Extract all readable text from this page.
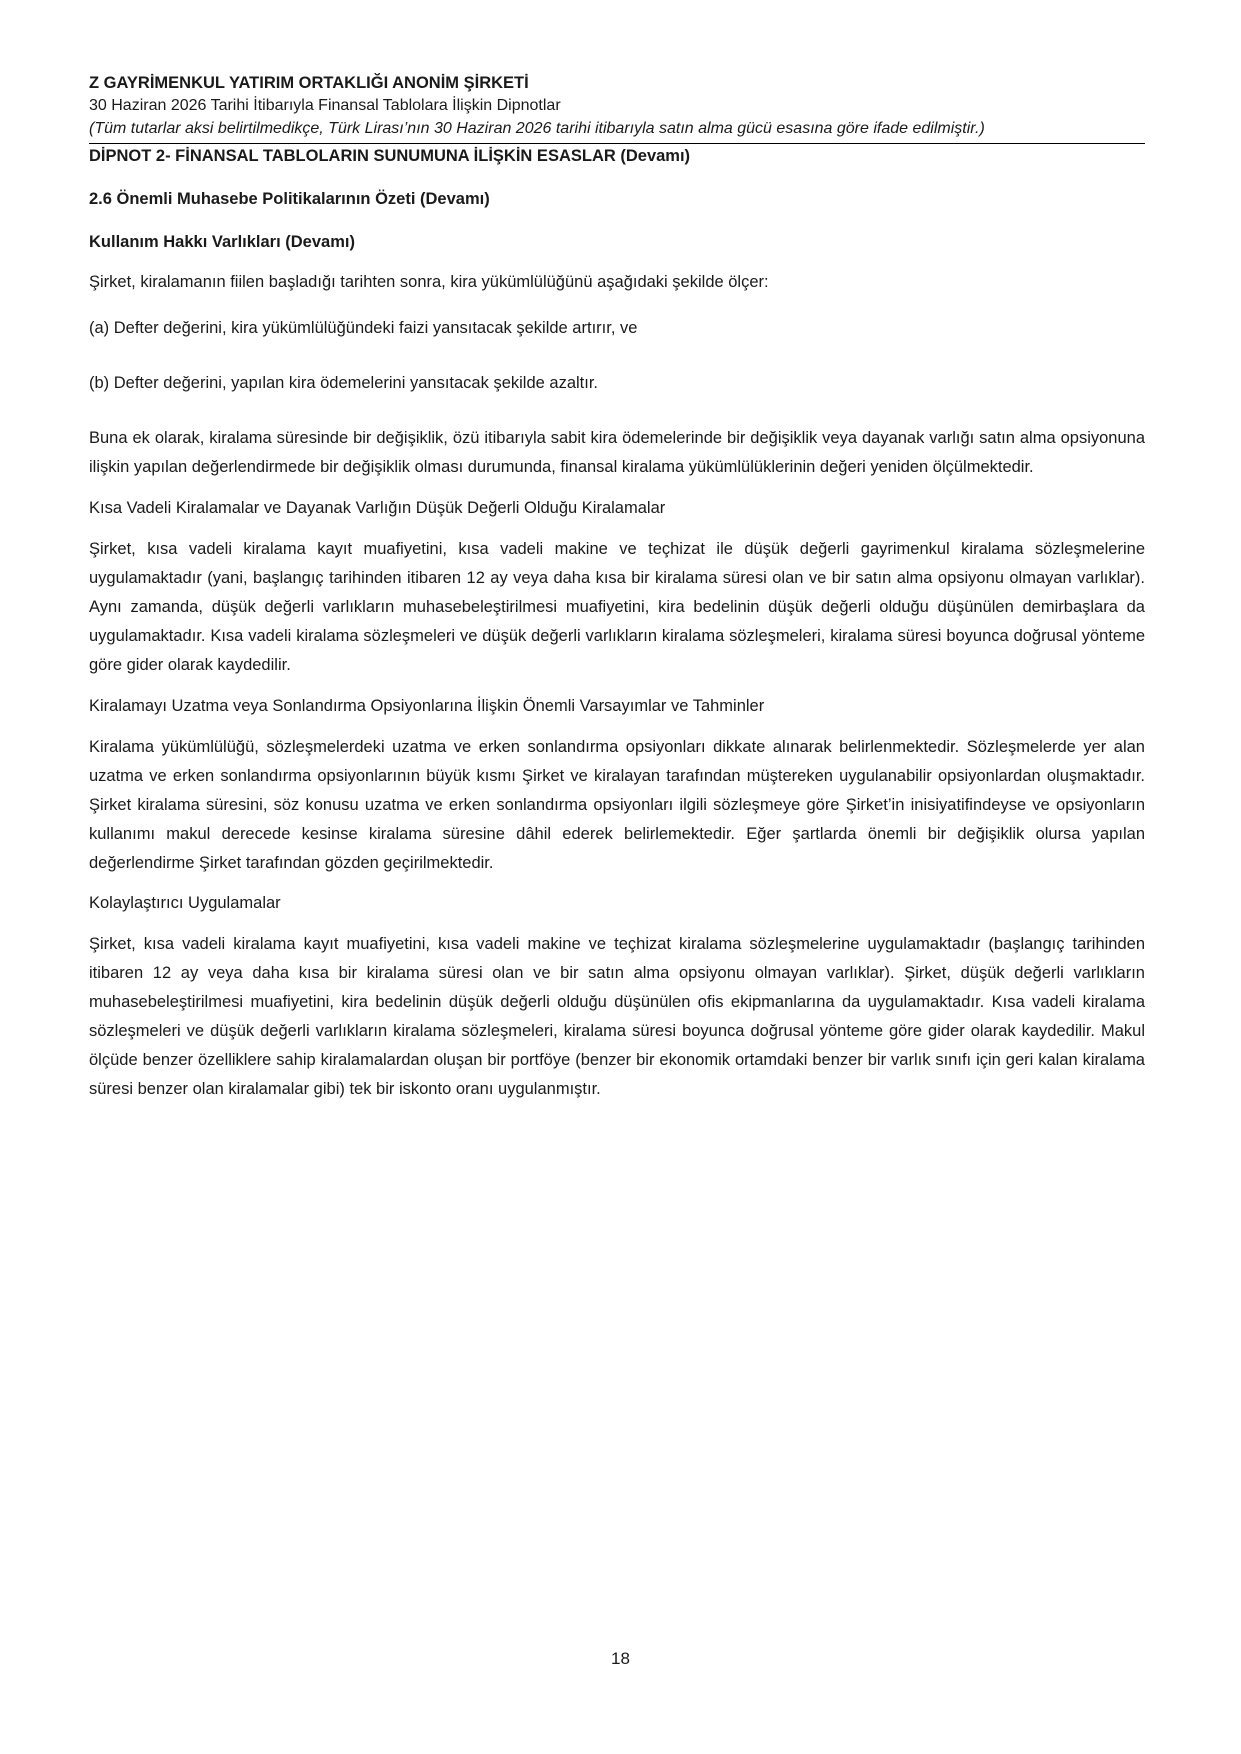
Z GAYRİMENKUL YATIRIM ORTAKLIĞI ANONİM ŞİRKETİ

30 Haziran 2026 Tarihi İtibarıyla Finansal Tablolara İlişkin Dipnotlar

(Tüm tutarlar aksi belirtilmedikçe, Türk Lirası’nın 30 Haziran 2026 tarihi itibarıyla satın alma gücü esasına göre ifade edilmiştir.)

DİPNOT 2- FİNANSAL TABLOLARIN SUNUMUNA İLİŞKİN ESASLAR (Devamı)

2.6 Önemli Muhasebe Politikalarının Özeti (Devamı)

Kullanım Hakkı Varlıkları (Devamı)

Şirket, kiralamanın fiilen başladığı tarihten sonra, kira yükümlülüğünü aşağıdaki şekilde ölçer:

(a) Defter değerini, kira yükümlülüğündeki faizi yansıtacak şekilde artırır, ve

(b) Defter değerini, yapılan kira ödemelerini yansıtacak şekilde azaltır.

Buna ek olarak, kiralama süresinde bir değişiklik, özü itibarıyla sabit kira ödemelerinde bir değişiklik veya dayanak varlığı satın alma opsiyonuna ilişkin yapılan değerlendirmede bir değişiklik olması durumunda, finansal kiralama yükümlülüklerinin değeri yeniden ölçülmektedir.

Kısa Vadeli Kiralamalar ve Dayanak Varlığın Düşük Değerli Olduğu Kiralamalar

Şirket, kısa vadeli kiralama kayıt muafiyetini, kısa vadeli makine ve teçhizat ile düşük değerli gayrimenkul kiralama sözleşmelerine uygulamaktadır (yani, başlangıç tarihinden itibaren 12 ay veya daha kısa bir kiralama süresi olan ve bir satın alma opsiyonu olmayan varlıklar). Aynı zamanda, düşük değerli varlıkların muhasebeleştirilmesi muafiyetini, kira bedelinin düşük değerli olduğu düşünülen demirbaşlara da uygulamaktadır. Kısa vadeli kiralama sözleşmeleri ve düşük değerli varlıkların kiralama sözleşmeleri, kiralama süresi boyunca doğrusal yönteme göre gider olarak kaydedilir.

Kiralamayı Uzatma veya Sonlandırma Opsiyonlarına İlişkin Önemli Varsayımlar ve Tahminler

Kiralama yükümlülüğü, sözleşmelerdeki uzatma ve erken sonlandırma opsiyonları dikkate alınarak belirlenmektedir. Sözleşmelerde yer alan uzatma ve erken sonlandırma opsiyonlarının büyük kısmı Şirket ve kiralayan tarafından müştereken uygulanabilir opsiyonlardan oluşmaktadır. Şirket kiralama süresini, söz konusu uzatma ve erken sonlandırma opsiyonları ilgili sözleşmeye göre Şirket’in inisiyatifindeyse ve opsiyonların kullanımı makul derecede kesinse kiralama süresine dâhil ederek belirlemektedir. Eğer şartlarda önemli bir değişiklik olursa yapılan değerlendirme Şirket tarafından gözden geçirilmektedir.

Kolaylaştırıcı Uygulamalar

Şirket, kısa vadeli kiralama kayıt muafiyetini, kısa vadeli makine ve teçhizat kiralama sözleşmelerine uygulamaktadır (başlangıç tarihinden itibaren 12 ay veya daha kısa bir kiralama süresi olan ve bir satın alma opsiyonu olmayan varlıklar). Şirket, düşük değerli varlıkların muhasebeleştirilmesi muafiyetini, kira bedelinin düşük değerli olduğu düşünülen ofis ekipmanlarına da uygulamaktadır. Kısa vadeli kiralama sözleşmeleri ve düşük değerli varlıkların kiralama sözleşmeleri, kiralama süresi boyunca doğrusal yönteme göre gider olarak kaydedilir. Makul ölçüde benzer özelliklere sahip kiralamalardan oluşan bir portföye (benzer bir ekonomik ortamdaki benzer bir varlık sınıfı için geri kalan kiralama süresi benzer olan kiralamalar gibi) tek bir iskonto oranı uygulanmıştır.

18
